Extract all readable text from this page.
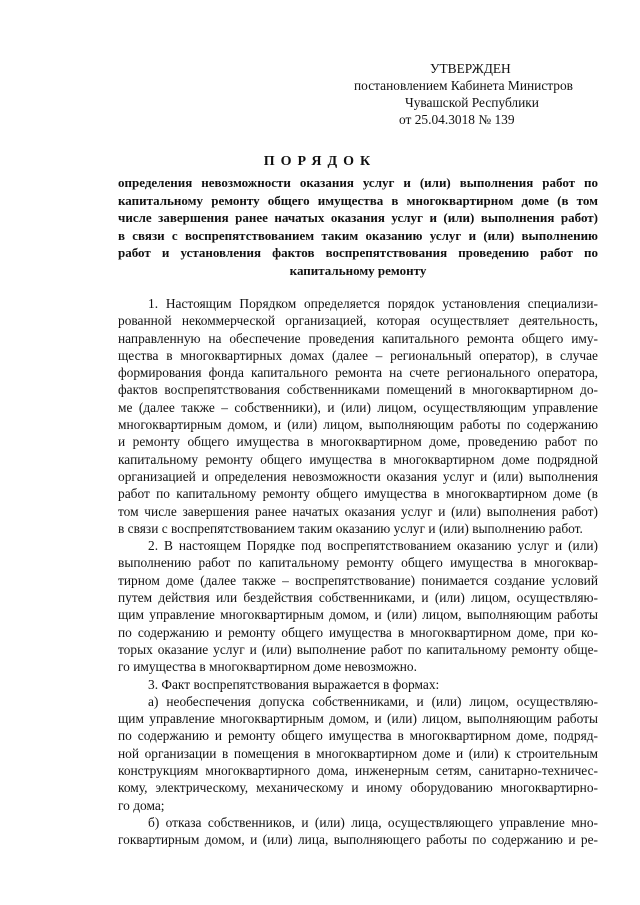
УТВЕРЖДЕН
постановлением Кабинета Министров
Чувашской Республики
от 25.04.3018 № 139
ПОРЯДОК
определения невозможности оказания услуг и (или) выполнения работ по
капитальному ремонту общего имущества в многоквартирном доме (в том
числе завершения ранее начатых оказания услуг и (или) выполнения работ)
в связи с воспрепятствованием таким оказанию услуг и (или) выполнению
работ и установления фактов воспрепятствования проведению работ по
капитальному ремонту
1. Настоящим Порядком определяется порядок установления специализи-
рованной некоммерческой организацией, которая осуществляет деятельность,
направленную на обеспечение проведения капитального ремонта общего иму-
щества в многоквартирных домах (далее – региональный оператор), в случае
формирования фонда капитального ремонта на счете регионального оператора,
фактов воспрепятствования собственниками помещений в многоквартирном до-
ме (далее также – собственники), и (или) лицом, осуществляющим управление
многоквартирным домом, и (или) лицом, выполняющим работы по содержанию
и ремонту общего имущества в многоквартирном доме, проведению работ по
капитальному ремонту общего имущества в многоквартирном доме подрядной
организацией и определения невозможности оказания услуг и (или) выполнения
работ по капитальному ремонту общего имущества в многоквартирном доме (в
том числе завершения ранее начатых оказания услуг и (или) выполнения работ)
в связи с воспрепятствованием таким оказанию услуг и (или) выполнению работ.
2. В настоящем Порядке под воспрепятствованием оказанию услуг и (или)
выполнению работ по капитальному ремонту общего имущества в многоквар-
тирном доме (далее также – воспрепятствование) понимается создание условий
путем действия или бездействия собственниками, и (или) лицом, осуществляю-
щим управление многоквартирным домом, и (или) лицом, выполняющим работы
по содержанию и ремонту общего имущества в многоквартирном доме, при ко-
торых оказание услуг и (или) выполнение работ по капитальному ремонту обще-
го имущества в многоквартирном доме невозможно.
3. Факт воспрепятствования выражается в формах:
а) необеспечения допуска собственниками, и (или) лицом, осуществляю-
щим управление многоквартирным домом, и (или) лицом, выполняющим работы
по содержанию и ремонту общего имущества в многоквартирном доме, подряд-
ной организации в помещения в многоквартирном доме и (или) к строительным
конструкциям многоквартирного дома, инженерным сетям, санитарно-техничес-
кому, электрическому, механическому и иному оборудованию многоквартирно-
го дома;
б) отказа собственников, и (или) лица, осуществляющего управление мно-
гоквартирным домом, и (или) лица, выполняющего работы по содержанию и ре-
